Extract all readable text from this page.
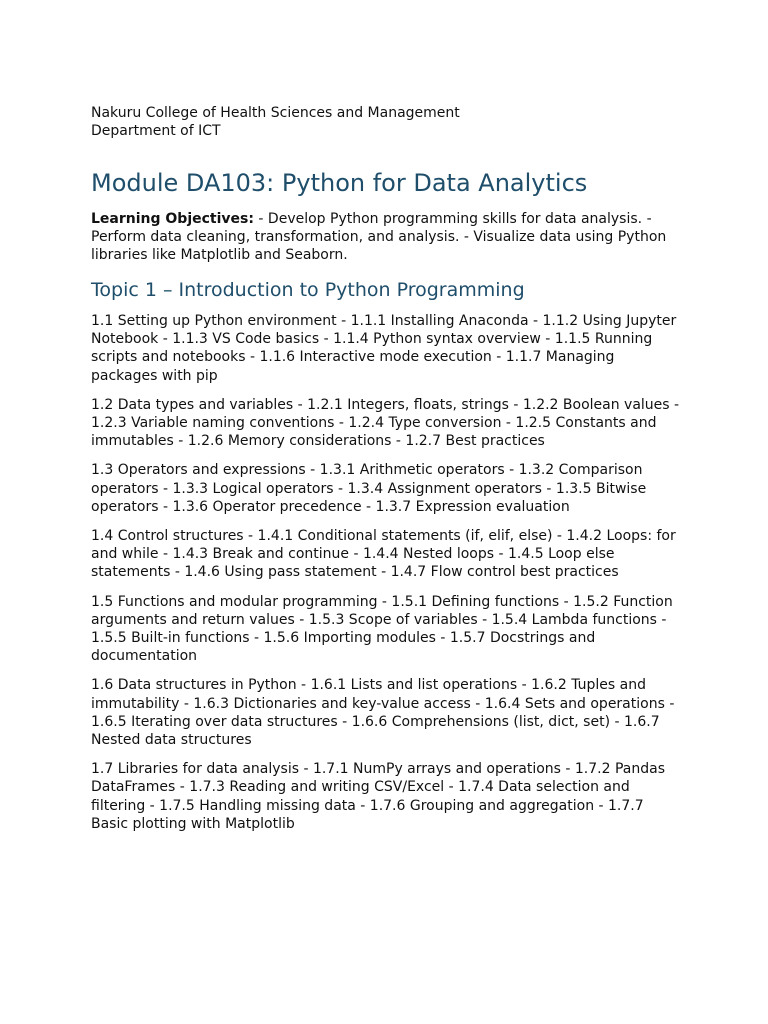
Nakuru College of Health Sciences and Management

Department of ICT

Module DA103: Python for Data Analytics

Learning Objectives: - Develop Python programming skills for data analysis. - Perform data cleaning, transformation, and analysis. - Visualize data using Python libraries like Matplotlib and Seaborn.

Topic 1 – Introduction to Python Programming

1.1 Setting up Python environment - 1.1.1 Installing Anaconda - 1.1.2 Using Jupyter Notebook - 1.1.3 VS Code basics - 1.1.4 Python syntax overview - 1.1.5 Running scripts and notebooks - 1.1.6 Interactive mode execution - 1.1.7 Managing packages with pip

1.2 Data types and variables - 1.2.1 Integers, floats, strings - 1.2.2 Boolean values - 1.2.3 Variable naming conventions - 1.2.4 Type conversion - 1.2.5 Constants and immutables - 1.2.6 Memory considerations - 1.2.7 Best practices

1.3 Operators and expressions - 1.3.1 Arithmetic operators - 1.3.2 Comparison operators - 1.3.3 Logical operators - 1.3.4 Assignment operators - 1.3.5 Bitwise operators - 1.3.6 Operator precedence - 1.3.7 Expression evaluation

1.4 Control structures - 1.4.1 Conditional statements (if, elif, else) - 1.4.2 Loops: for and while - 1.4.3 Break and continue - 1.4.4 Nested loops - 1.4.5 Loop else statements - 1.4.6 Using pass statement - 1.4.7 Flow control best practices

1.5 Functions and modular programming - 1.5.1 Defining functions - 1.5.2 Function arguments and return values - 1.5.3 Scope of variables - 1.5.4 Lambda functions - 1.5.5 Built-in functions - 1.5.6 Importing modules - 1.5.7 Docstrings and documentation

1.6 Data structures in Python - 1.6.1 Lists and list operations - 1.6.2 Tuples and immutability - 1.6.3 Dictionaries and key-value access - 1.6.4 Sets and operations - 1.6.5 Iterating over data structures - 1.6.6 Comprehensions (list, dict, set) - 1.6.7 Nested data structures

1.7 Libraries for data analysis - 1.7.1 NumPy arrays and operations - 1.7.2 Pandas DataFrames - 1.7.3 Reading and writing CSV/Excel - 1.7.4 Data selection and filtering - 1.7.5 Handling missing data - 1.7.6 Grouping and aggregation - 1.7.7 Basic plotting with Matplotlib
